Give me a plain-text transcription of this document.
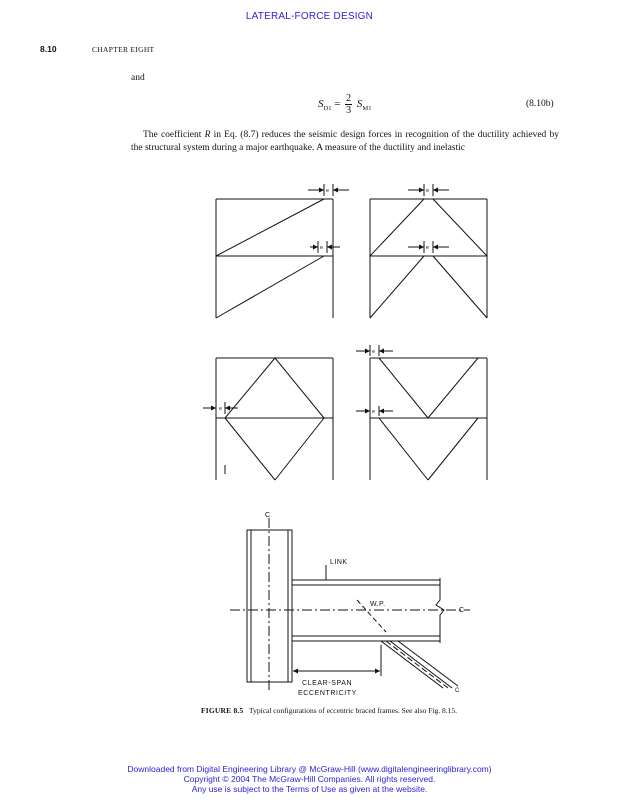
LATERAL-FORCE DESIGN
8.10	CHAPTER EIGHT
and
$S_{D1} = \frac{2}{3} S_{M1}$	(8.10b)

The coefficient R in Eq. (8.7) reduces the seismic design forces in recognition of the ductility achieved by the structural system during a major earthquake. A measure of the ductility and inelastic

e
e
e
e
e
e
e
C
C
LINK
W.P.
C
CLEAR-SPAN
ECCENTRICITY
FIGURE 8.5 Typical configurations of eccentric braced frames. See also Fig. 8.15.
Downloaded from Digital Engineering Library @ McGraw-Hill (www.digitalengineeringlibrary.com)
Copyright © 2004 The McGraw-Hill Companies. All rights reserved.
Any use is subject to the Terms of Use as given at the website.
